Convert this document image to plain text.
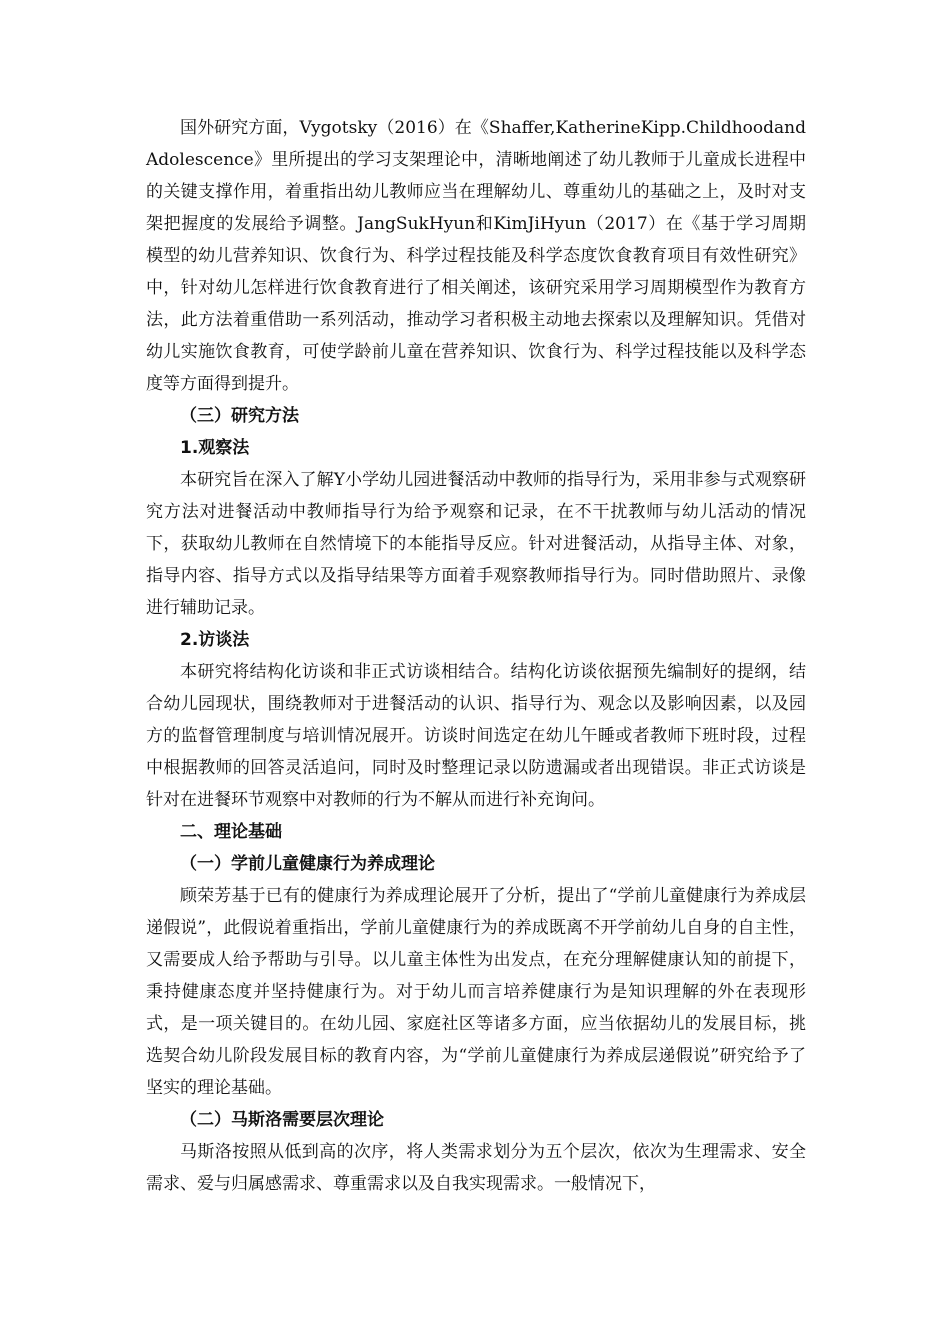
国外研究方面，Vygotsky（2016）在《Shaffer,KatherineKipp.ChildhoodandAdolescence》里所提出的学习支架理论中，清晰地阐述了幼儿教师于儿童成长进程中的关键支撑作用，着重指出幼儿教师应当在理解幼儿、尊重幼儿的基础之上，及时对支架把握度的发展给予调整。JangSukHyun和KimJiHyun（2017）在《基于学习周期模型的幼儿营养知识、饮食行为、科学过程技能及科学态度饮食教育项目有效性研究》中，针对幼儿怎样进行饮食教育进行了相关阐述，该研究采用学习周期模型作为教育方法，此方法着重借助一系列活动，推动学习者积极主动地去探索以及理解知识。凭借对幼儿实施饮食教育，可使学龄前儿童在营养知识、饮食行为、科学过程技能以及科学态度等方面得到提升。

（三）研究方法

1.观察法

本研究旨在深入了解Y小学幼儿园进餐活动中教师的指导行为，采用非参与式观察研究方法对进餐活动中教师指导行为给予观察和记录，在不干扰教师与幼儿活动的情况下，获取幼儿教师在自然情境下的本能指导反应。针对进餐活动，从指导主体、对象，指导内容、指导方式以及指导结果等方面着手观察教师指导行为。同时借助照片、录像进行辅助记录。

2.访谈法

本研究将结构化访谈和非正式访谈相结合。结构化访谈依据预先编制好的提纲，结合幼儿园现状，围绕教师对于进餐活动的认识、指导行为、观念以及影响因素，以及园方的监督管理制度与培训情况展开。访谈时间选定在幼儿午睡或者教师下班时段，过程中根据教师的回答灵活追问，同时及时整理记录以防遗漏或者出现错误。非正式访谈是针对在进餐环节观察中对教师的行为不解从而进行补充询问。

二、理论基础

（一）学前儿童健康行为养成理论

顾荣芳基于已有的健康行为养成理论展开了分析，提出了“学前儿童健康行为养成层递假说”，此假说着重指出，学前儿童健康行为的养成既离不开学前幼儿自身的自主性，又需要成人给予帮助与引导。以儿童主体性为出发点，在充分理解健康认知的前提下，秉持健康态度并坚持健康行为。对于幼儿而言培养健康行为是知识理解的外在表现形式，是一项关键目的。在幼儿园、家庭社区等诸多方面，应当依据幼儿的发展目标，挑选契合幼儿阶段发展目标的教育内容，为“学前儿童健康行为养成层递假说”研究给予了坚实的理论基础。

（二）马斯洛需要层次理论

马斯洛按照从低到高的次序，将人类需求划分为五个层次，依次为生理需求、安全需求、爱与归属感需求、尊重需求以及自我实现需求。一般情况下，
